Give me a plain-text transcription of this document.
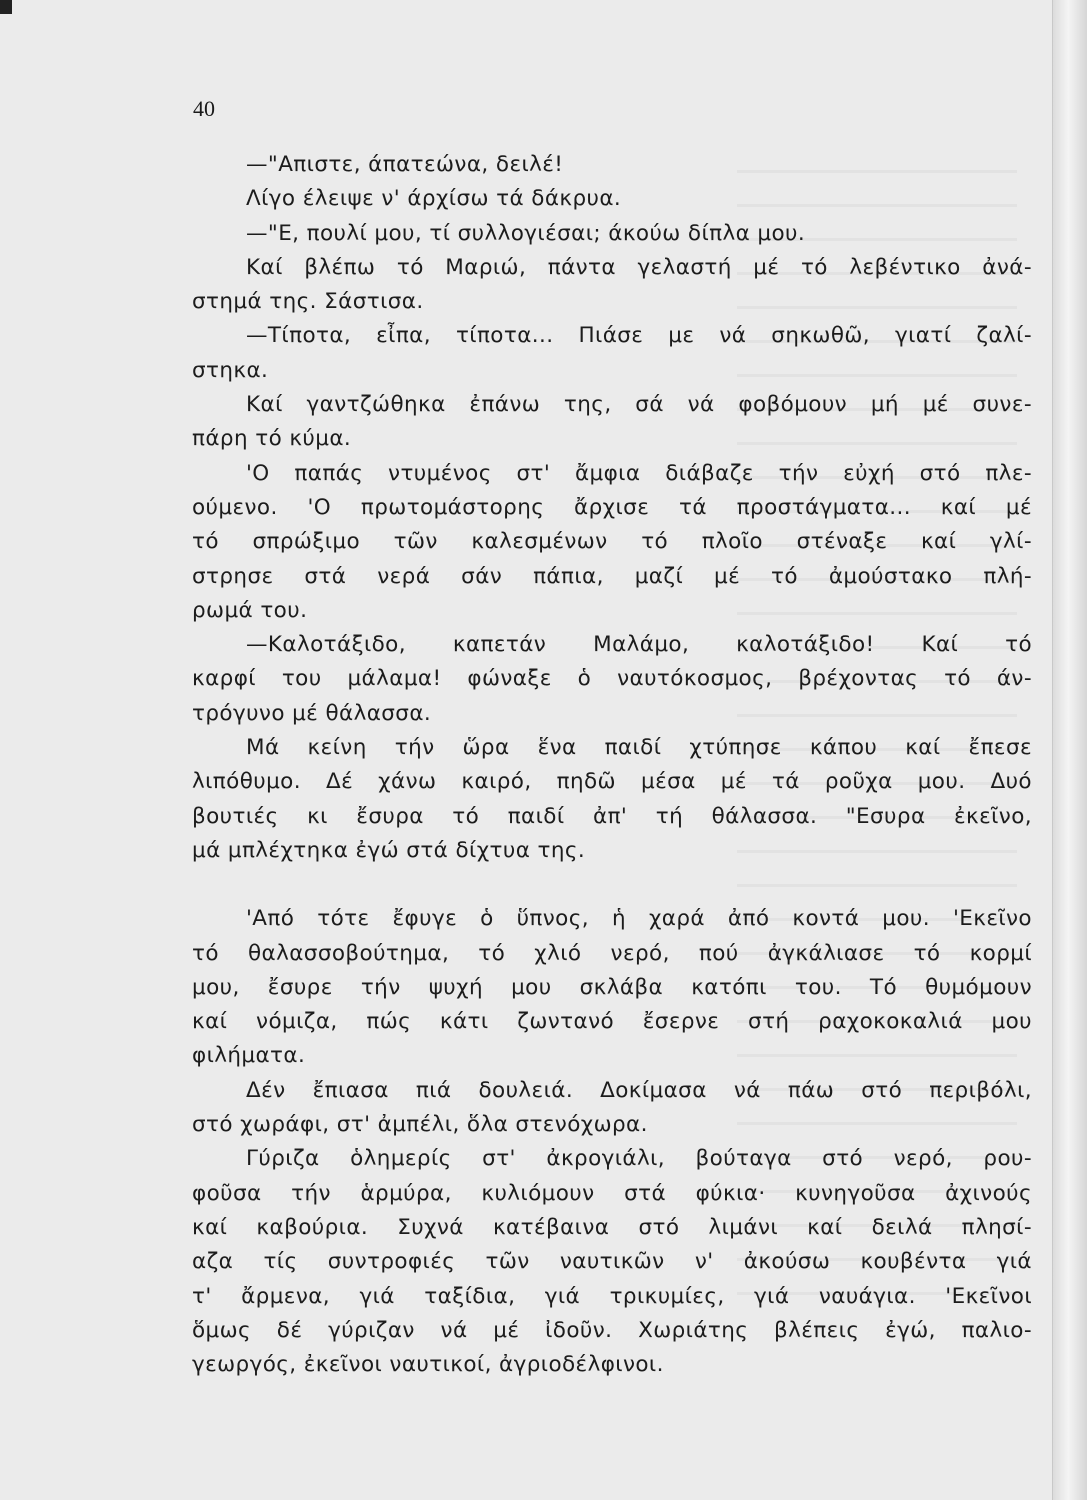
40
—"Απιστε, άπατεώνα, δειλέ!
Λίγο έλειψε ν' άρχίσω τά δάκρυα.
—"Ε, πουλί μου, τί συλλογιέσαι; άκούω δίπλα μου.
Καί βλέπω τό Μαριώ, πάντα γελαστή μέ τό λεβέντικο ἀνά-
στημά της. Σάστισα.
—Τίποτα, εἶπα, τίποτα... Πιάσε με νά σηκωθῶ, γιατί ζαλί-
στηκα.
Καί γαντζώθηκα ἐπάνω της, σά νά φοβόμουν μή μέ συνε-
πάρη τό κύμα.
'Ο παπάς ντυμένος στ' ἄμφια διάβαζε τήν εὐχή στό πλε-
ούμενο. 'Ο πρωτομάστορης ἄρχισε τά προστάγματα... καί μέ
τό σπρώξιμο τῶν καλεσμένων τό πλοῖο στέναξε καί γλί-
στρησε στά νερά σάν πάπια, μαζί μέ τό ἀμούστακο πλή-
ρωμά του.
—Καλοτάξιδο, καπετάν Μαλάμο, καλοτάξιδο! Καί τό
καρφί του μάλαμα! φώναξε ὁ ναυτόκοσμος, βρέχοντας τό άν-
τρόγυνο μέ θάλασσα.
Μά κείνη τήν ὥρα ἕνα παιδί χτύπησε κάπου καί ἔπεσε
λιπόθυμο. Δέ χάνω καιρό, πηδῶ μέσα μέ τά ροῦχα μου. Δυό
βουτιές κι ἔσυρα τό παιδί ἀπ' τή θάλασσα. "Εσυρα ἐκεῖνο,
μά μπλέχτηκα ἐγώ στά δίχτυα της.
'Από τότε ἔφυγε ὁ ὕπνος, ἡ χαρά ἀπό κοντά μου. 'Εκεῖνο
τό θαλασσοβούτημα, τό χλιό νερό, πού ἀγκάλιασε τό κορμί
μου, ἔσυρε τήν ψυχή μου σκλάβα κατόπι του. Τό θυμόμουν
καί νόμιζα, πώς κάτι ζωντανό ἔσερνε στή ραχοκοκαλιά μου
φιλήματα.
Δέν ἔπιασα πιά δουλειά. Δοκίμασα νά πάω στό περιβόλι,
στό χωράφι, στ' ἀμπέλι, ὅλα στενόχωρα.
Γύριζα ὁλημερίς στ' ἀκρογιάλι, βούταγα στό νερό, ρου-
φοῦσα τήν ἁρμύρα, κυλιόμουν στά φύκια· κυνηγοῦσα ἀχινούς
καί καβούρια. Συχνά κατέβαινα στό λιμάνι καί δειλά πλησί-
αζα τίς συντροφιές τῶν ναυτικῶν ν' ἀκούσω κουβέντα γιά
τ' ἄρμενα, γιά ταξίδια, γιά τρικυμίες, γιά ναυάγια. 'Εκεῖνοι
ὅμως δέ γύριζαν νά μέ ἰδοῦν. Χωριάτης βλέπεις ἐγώ, παλιο-
γεωργός, ἐκεῖνοι ναυτικοί, ἀγριοδέλφινοι.
